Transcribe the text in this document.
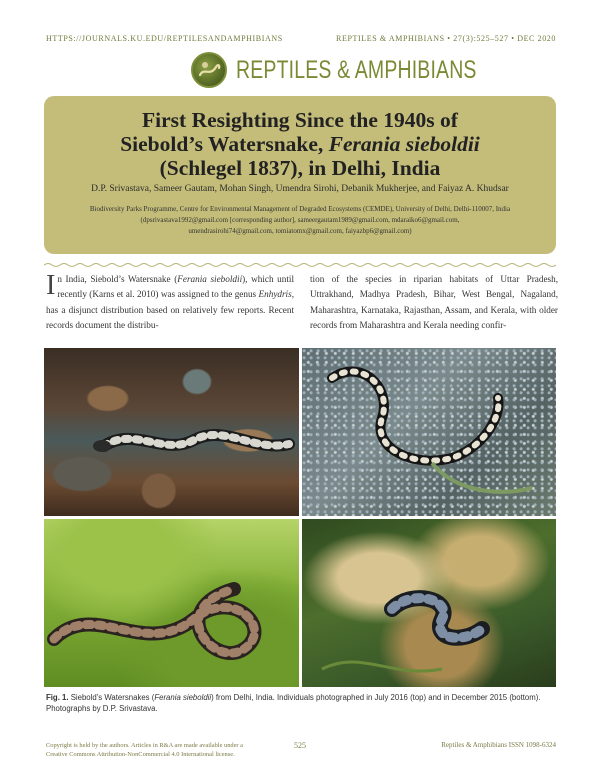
HTTPS://JOURNALS.KU.EDU/REPTILESANDAMPHIBIANS	REPTILES & AMPHIBIANS • 27(3):525–527 • DEC 2020
REPTILES & AMPHIBIANS
First Resighting Since the 1940s of
Siebold’s Watersnake, Ferania sieboldii
(Schlegel 1837), in Delhi, India
D.P. Srivastava, Sameer Gautam, Mohan Singh, Umendra Sirohi, Debanik Mukherjee, and Faiyaz A. Khudsar
Biodiversity Parks Programme, Centre for Environmental Management of Degraded Ecosystems (CEMDE), University of Delhi, Delhi-110007, India
(dpsrivastava1992@gmail.com [corresponding author], sameergautam1989@gmail.com, mdaraiko6@gmail.com,
umendrasirohi74@gmail.com, tomiatomx@gmail.com, faiyazbp6@gmail.com)
In India, Siebold’s Watersnake (Ferania sieboldii), which until recently (Karns et al. 2010) was assigned to the genus Enhydris, has a disjunct distribution based on relatively few reports. Recent records document the distribu-
tion of the species in riparian habitats of Uttar Pradesh, Uttrakhand, Madhya Pradesh, Bihar, West Bengal, Nagaland, Maharashtra, Karnataka, Rajasthan, Assam, and Kerala, with older records from Maharashtra and Kerala needing confir-
Fig. 1. Siebold’s Watersnakes (Ferania sieboldii) from Delhi, India. Individuals photographed in July 2016 (top) and in December 2015 (bottom). Photographs by D.P. Srivastava.
Copyright is held by the authors. Articles in R&A are made available under a
Creative Commons Attribution-NonCommercial 4.0 International license.
525	Reptiles & Amphibians ISSN 1098-6324
